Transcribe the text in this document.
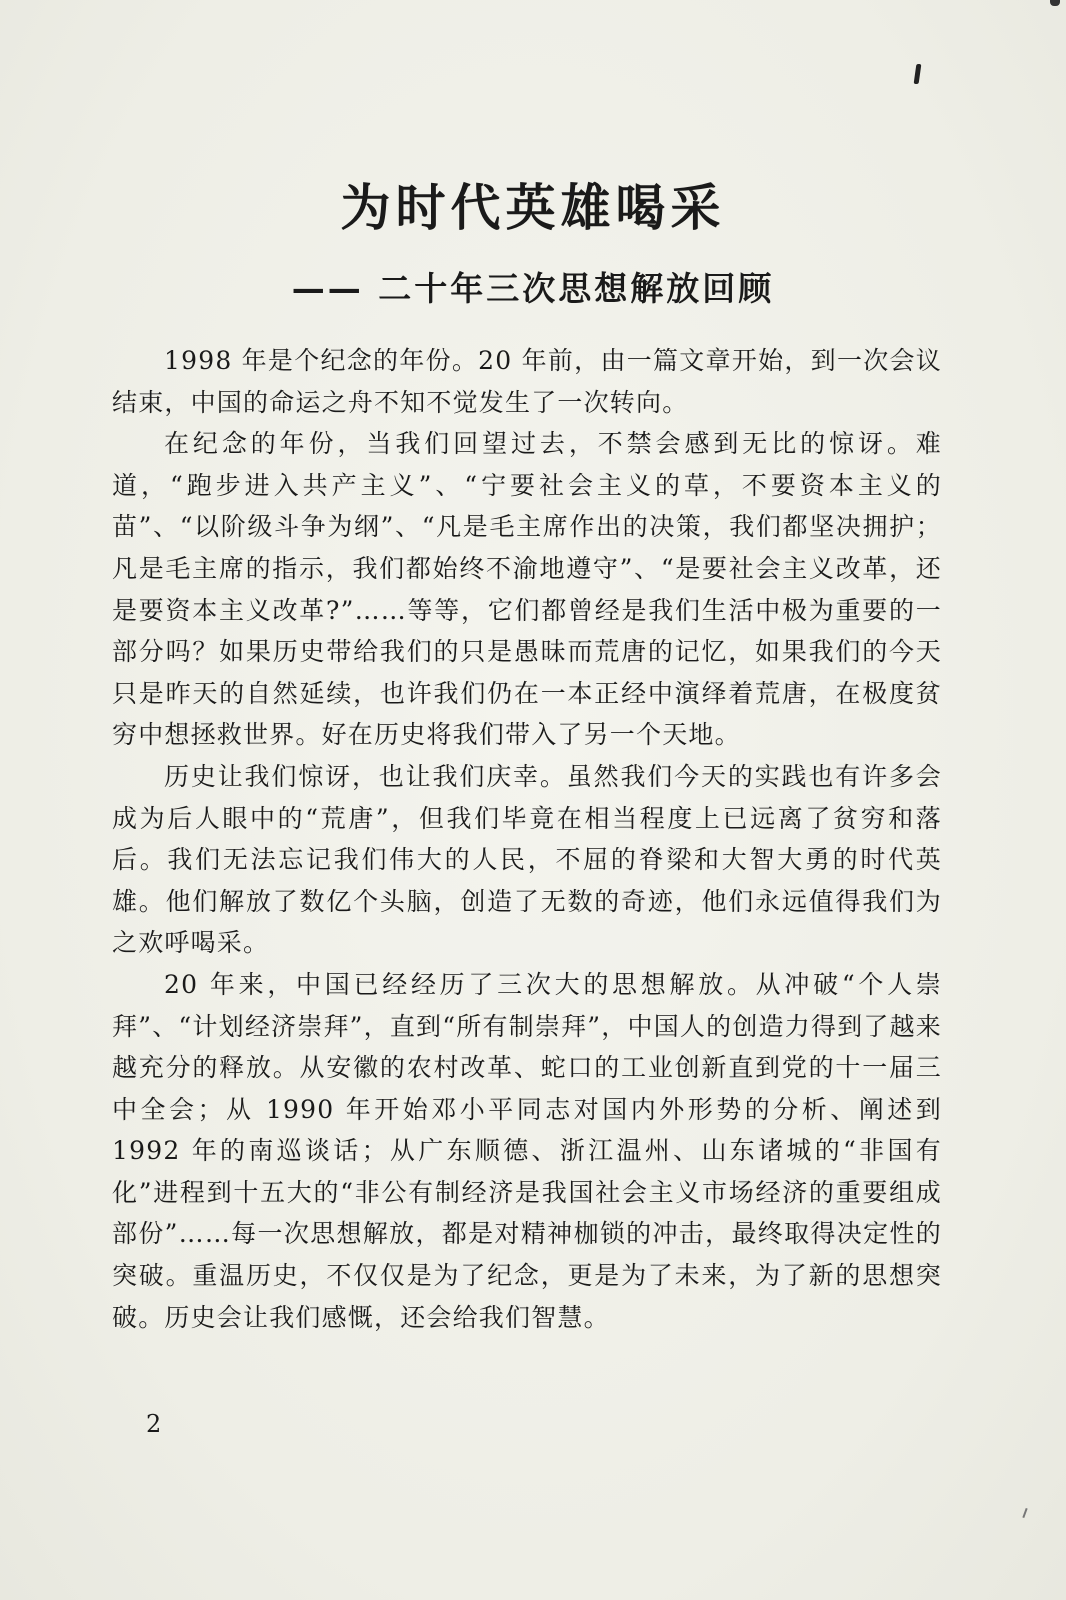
为时代英雄喝采
—— 二十年三次思想解放回顾

1998 年是个纪念的年份。20 年前，由一篇文章开始，到一次会议结束，中国的命运之舟不知不觉发生了一次转向。

在纪念的年份，当我们回望过去，不禁会感到无比的惊讶。难道，“跑步进入共产主义”、“宁要社会主义的草，不要资本主义的苗”、“以阶级斗争为纲”、“凡是毛主席作出的决策，我们都坚决拥护；凡是毛主席的指示，我们都始终不渝地遵守”、“是要社会主义改革，还是要资本主义改革?”……等等，它们都曾经是我们生活中极为重要的一部分吗？如果历史带给我们的只是愚昧而荒唐的记忆，如果我们的今天只是昨天的自然延续，也许我们仍在一本正经中演绎着荒唐，在极度贫穷中想拯救世界。好在历史将我们带入了另一个天地。

历史让我们惊讶，也让我们庆幸。虽然我们今天的实践也有许多会成为后人眼中的“荒唐”，但我们毕竟在相当程度上已远离了贫穷和落后。我们无法忘记我们伟大的人民，不屈的脊梁和大智大勇的时代英雄。他们解放了数亿个头脑，创造了无数的奇迹，他们永远值得我们为之欢呼喝采。

20 年来，中国已经经历了三次大的思想解放。从冲破“个人崇拜”、“计划经济崇拜”，直到“所有制崇拜”，中国人的创造力得到了越来越充分的释放。从安徽的农村改革、蛇口的工业创新直到党的十一届三中全会；从 1990 年开始邓小平同志对国内外形势的分析、阐述到 1992 年的南巡谈话；从广东顺德、浙江温州、山东诸城的“非国有化”进程到十五大的“非公有制经济是我国社会主义市场经济的重要组成部份”……每一次思想解放，都是对精神枷锁的冲击，最终取得决定性的突破。重温历史，不仅仅是为了纪念，更是为了未来，为了新的思想突破。历史会让我们感慨，还会给我们智慧。

2
